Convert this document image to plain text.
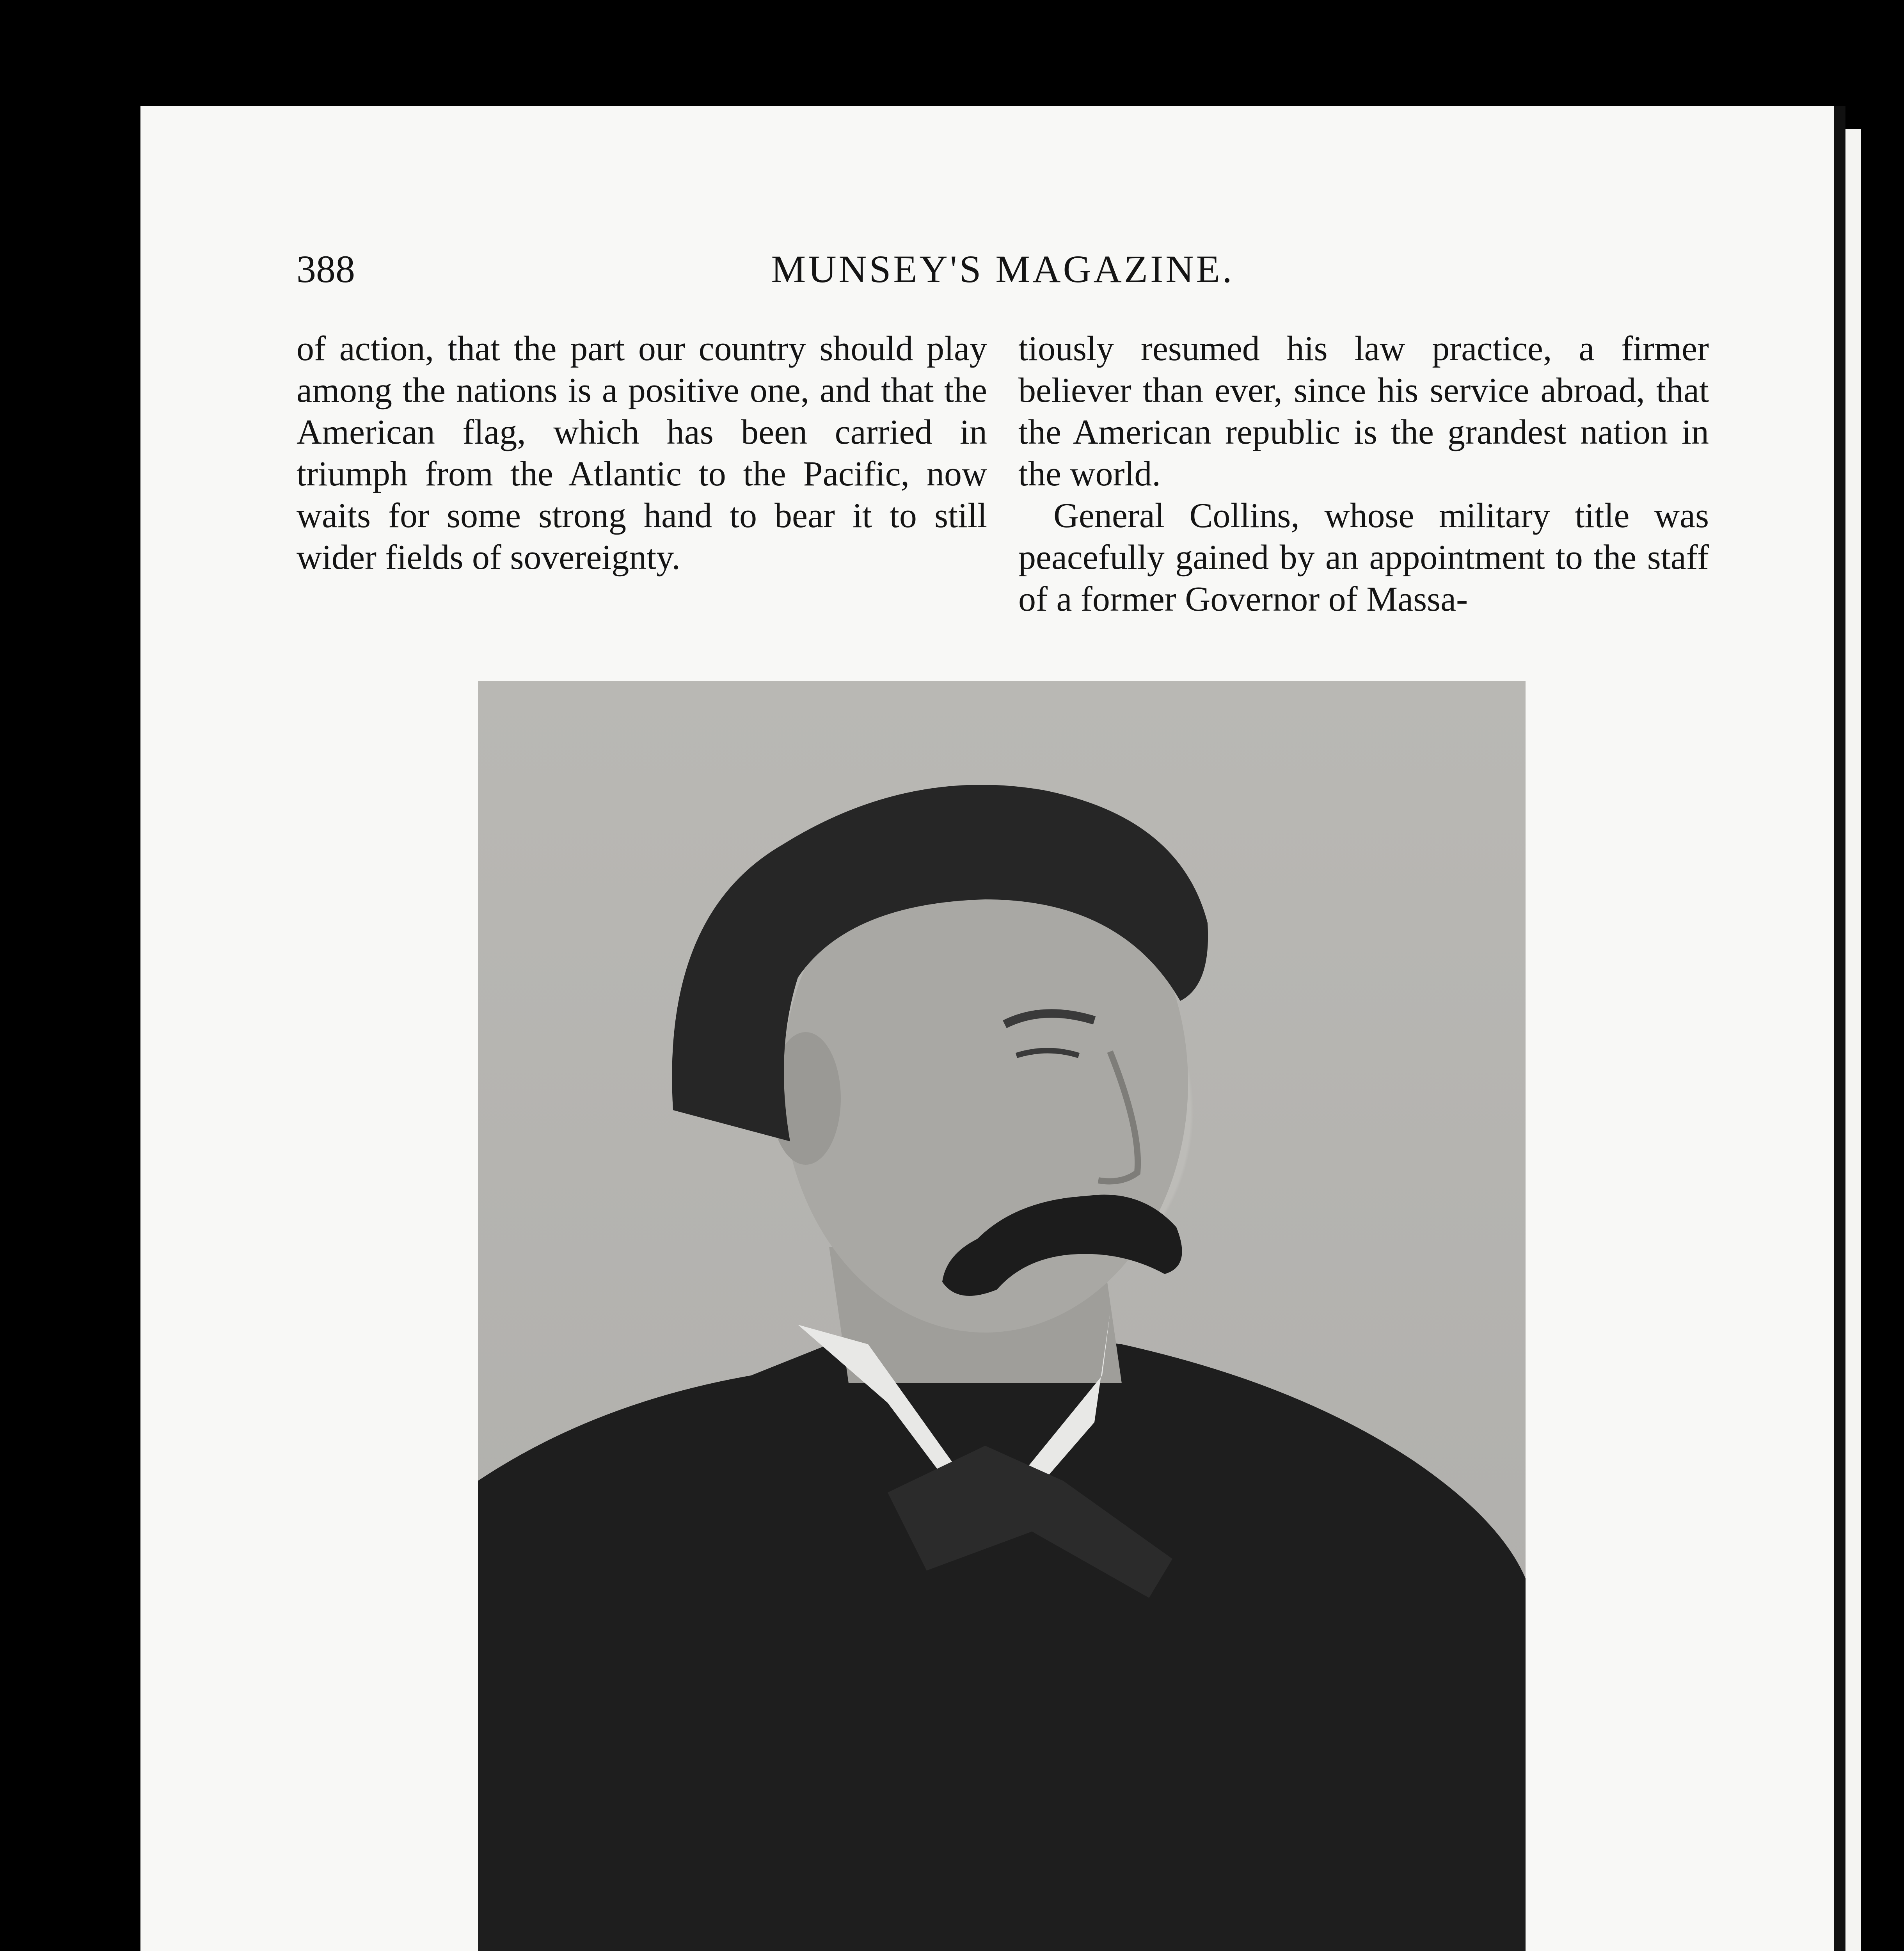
388	MUNSEY'S MAGAZINE.

of action, that the part our country should play among the nations is a positive one, and that the American flag, which has been carried in triumph from the Atlantic to the Pacific, now waits for some strong hand to bear it to still wider fields of sovereignty.

tiously resumed his law practice, a firmer believer than ever, since his service abroad, that the American republic is the grandest nation in the world.

General Collins, whose military title was peacefully gained by an appointment to the staff of a former Governor of Massa-
